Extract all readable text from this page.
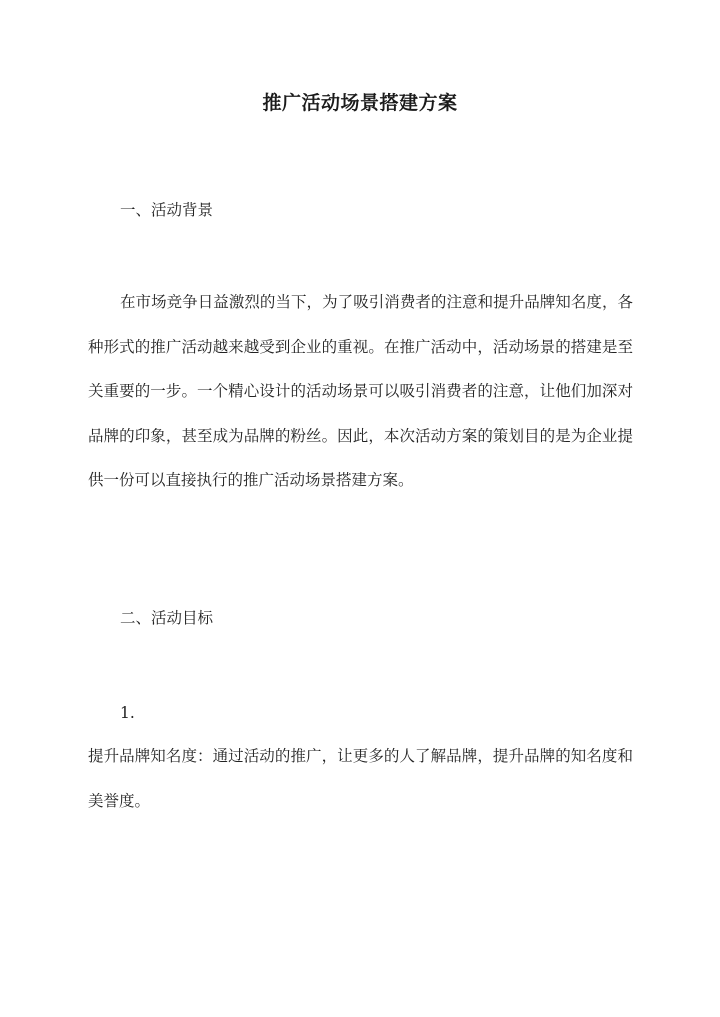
推广活动场景搭建方案
一、活动背景
在市场竞争日益激烈的当下，为了吸引消费者的注意和提升品牌知名度，各种形式的推广活动越来越受到企业的重视。在推广活动中，活动场景的搭建是至关重要的一步。一个精心设计的活动场景可以吸引消费者的注意，让他们加深对品牌的印象，甚至成为品牌的粉丝。因此，本次活动方案的策划目的是为企业提供一份可以直接执行的推广活动场景搭建方案。
二、活动目标
1.
提升品牌知名度：通过活动的推广，让更多的人了解品牌，提升品牌的知名度和美誉度。
